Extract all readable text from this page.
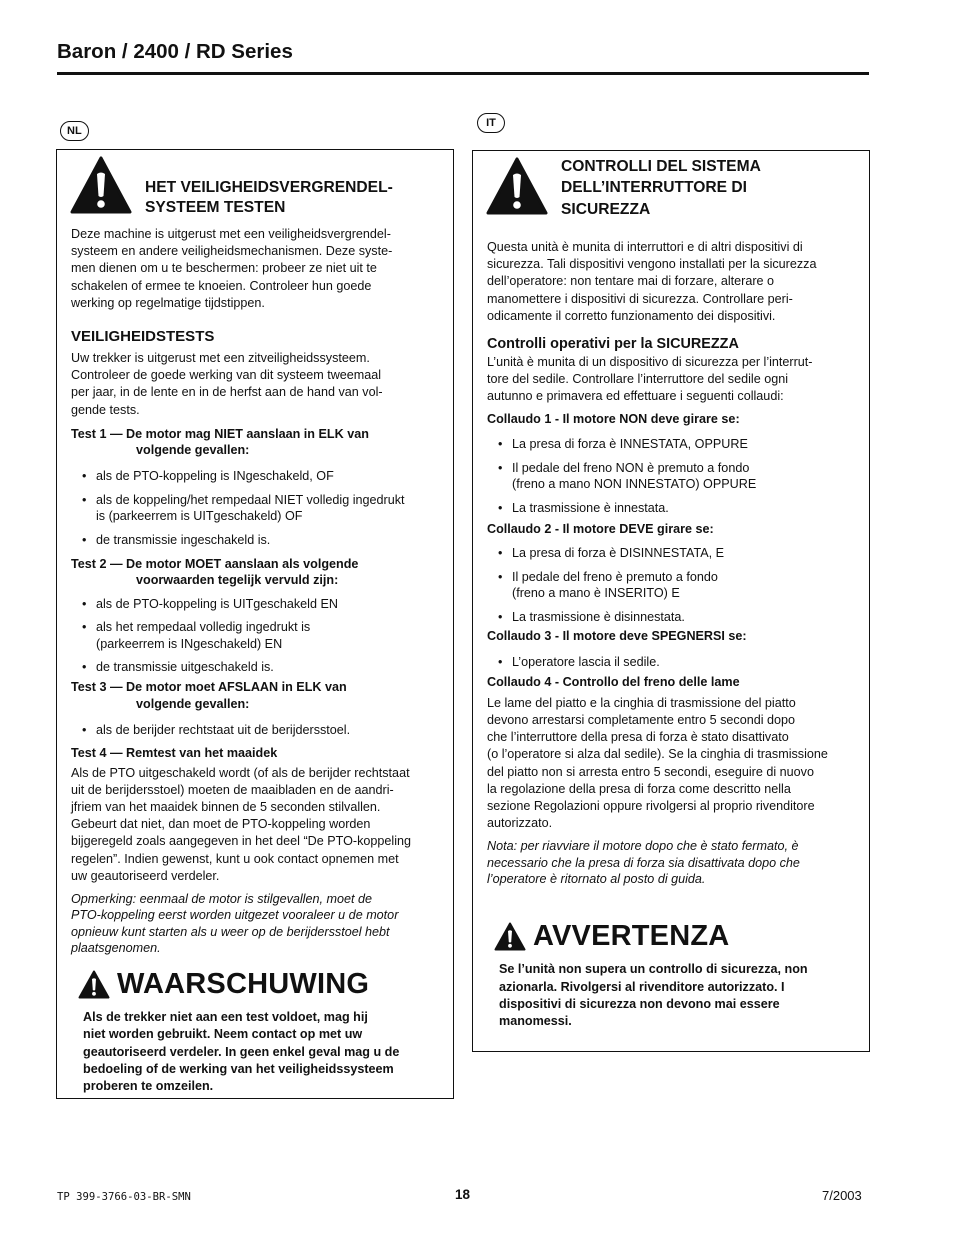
Baron / 2400 / RD Series
NL
IT
HET VEILIGHEIDSVERGRENDEL-
SYSTEEM TESTEN
CONTROLLI DEL SISTEMA
DELL’INTERRUTTORE DI
SICUREZZA

Deze machine is uitgerust met een veiligheidsvergrendel-
systeem en andere veiligheidsmechanismen. Deze syste-
men dienen om u te beschermen: probeer ze niet uit te
schakelen of ermee te knoeien. Controleer hun goede
werking op regelmatige tijdstippen.

VEILIGHEIDSTESTS

Uw trekker is uitgerust met een zitveiligheidssysteem.
Controleer de goede werking van dit systeem tweemaal
per jaar, in de lente en in de herfst aan de hand van vol-
gende tests.

Test 1 — De motor mag NIET aanslaan in ELK van
volgende gevallen:

• als de PTO-koppeling is INgeschakeld, OF
• als de koppeling/het rempedaal NIET volledig ingedrukt
is (parkeerrem is UITgeschakeld) OF
• de transmissie ingeschakeld is.

Test 2 — De motor MOET aanslaan als volgende
voorwaarden tegelijk vervuld zijn:

• als de PTO-koppeling is UITgeschakeld EN
• als het rempedaal volledig ingedrukt is
(parkeerrem is INgeschakeld) EN
• de transmissie uitgeschakeld is.

Test 3 — De motor moet AFSLAAN in ELK van
volgende gevallen:

• als de berijder rechtstaat uit de berijdersstoel.

Test 4 — Remtest van het maaidek

Als de PTO uitgeschakeld wordt (of als de berijder rechtstaat
uit de berijdersstoel) moeten de maaibladen en de aandri-
jfriem van het maaidek binnen de 5 seconden stilvallen.
Gebeurt dat niet, dan moet de PTO-koppeling worden
bijgeregeld zoals aangegeven in het deel “De PTO-koppeling
regelen”. Indien gewenst, kunt u ook contact opnemen met
uw geautoriseerd verdeler.

Opmerking: eenmaal de motor is stilgevallen, moet de
PTO-koppeling eerst worden uitgezet vooraleer u de motor
opnieuw kunt starten als u weer op de berijdersstoel hebt
plaatsgenomen.

WAARSCHUWING

Als de trekker niet aan een test voldoet, mag hij
niet worden gebruikt. Neem contact op met uw
geautoriseerd verdeler. In geen enkel geval mag u de
bedoeling of de werking van het veiligheidssysteem
proberen te omzeilen.

Questa unità è munita di interruttori e di altri dispositivi di
sicurezza. Tali dispositivi vengono installati per la sicurezza
dell’operatore: non tentare mai di forzare, alterare o
manomettere i dispositivi di sicurezza. Controllare peri-
odicamente il corretto funzionamento dei dispositivi.

Controlli operativi per la SICUREZZA

L’unità è munita di un dispositivo di sicurezza per l’interrut-
tore del sedile. Controllare l’interruttore del sedile ogni
autunno e primavera ed effettuare i seguenti collaudi:

Collaudo 1 - Il motore NON deve girare se:

• La presa di forza è INNESTATA, OPPURE
• Il pedale del freno NON è premuto a fondo
(freno a mano NON INNESTATO) OPPURE
• La trasmissione è innestata.

Collaudo 2 - Il motore DEVE girare se:

• La presa di forza è DISINNESTATA, E
• Il pedale del freno è premuto a fondo
(freno a mano è INSERITO) E
• La trasmissione è disinnestata.

Collaudo 3 - Il motore deve SPEGNERSI se:

• L’operatore lascia il sedile.

Collaudo 4 - Controllo del freno delle lame

Le lame del piatto e la cinghia di trasmissione del piatto
devono arrestarsi completamente entro 5 secondi dopo
che l’interruttore della presa di forza è stato disattivato
(o l’operatore si alza dal sedile). Se la cinghia di trasmissione
del piatto non si arresta entro 5 secondi, eseguire di nuovo
la regolazione della presa di forza come descritto nella
sezione Regolazioni oppure rivolgersi al proprio rivenditore
autorizzato.

Nota: per riavviare il motore dopo che è stato fermato, è
necessario che la presa di forza sia disattivata dopo che
l’operatore è ritornato al posto di guida.

AVVERTENZA

Se l’unità non supera un controllo di sicurezza, non
azionarla. Rivolgersi al rivenditore autorizzato. I
dispositivi di sicurezza non devono mai essere
manomessi.

TP 399-3766-03-BR-SMN	18	7/2003
